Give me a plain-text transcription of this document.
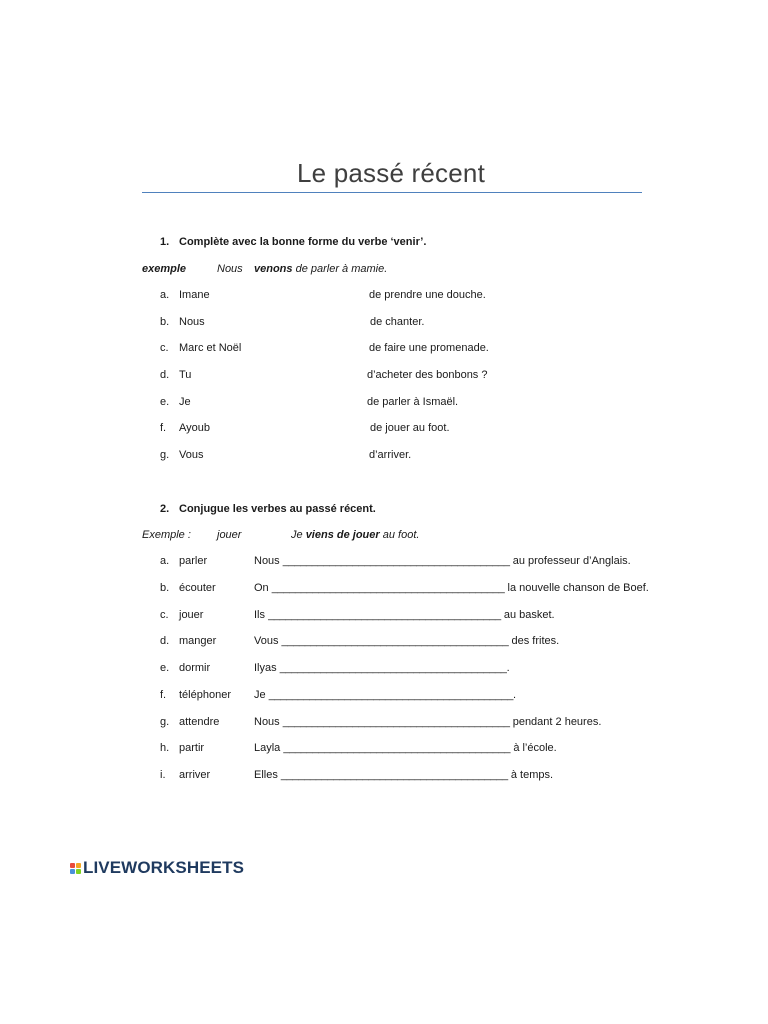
Le passé récent
1. Complète avec la bonne forme du verbe ‘venir’.
exemple	Nous venons de parler à mamie.
a. Imane	de prendre une douche.
b. Nous	de chanter.
c. Marc et Noël	de faire une promenade.
d. Tu	d’acheter des bonbons ?
e. Je	de parler à Ismaël.
f. Ayoub	de jouer au foot.
g. Vous	d’arriver.
2. Conjugue les verbes au passé récent.
Exemple : jouer	Je viens de jouer au foot.
a. parler	Nous _______________________________________ au professeur d’Anglais.
b. écouter	On ________________________________________ la nouvelle chanson de Boef.
c. jouer	Ils ________________________________________ au basket.
d. manger	Vous _______________________________________ des frites.
e. dormir	Ilyas _______________________________________.
f. téléphoner Je __________________________________________.
g. attendre	Nous _______________________________________ pendant 2 heures.
h. partir	Layla _______________________________________ à l’école.
i. arriver	Elles _______________________________________ à temps.
LIVEWORKSHEETS
